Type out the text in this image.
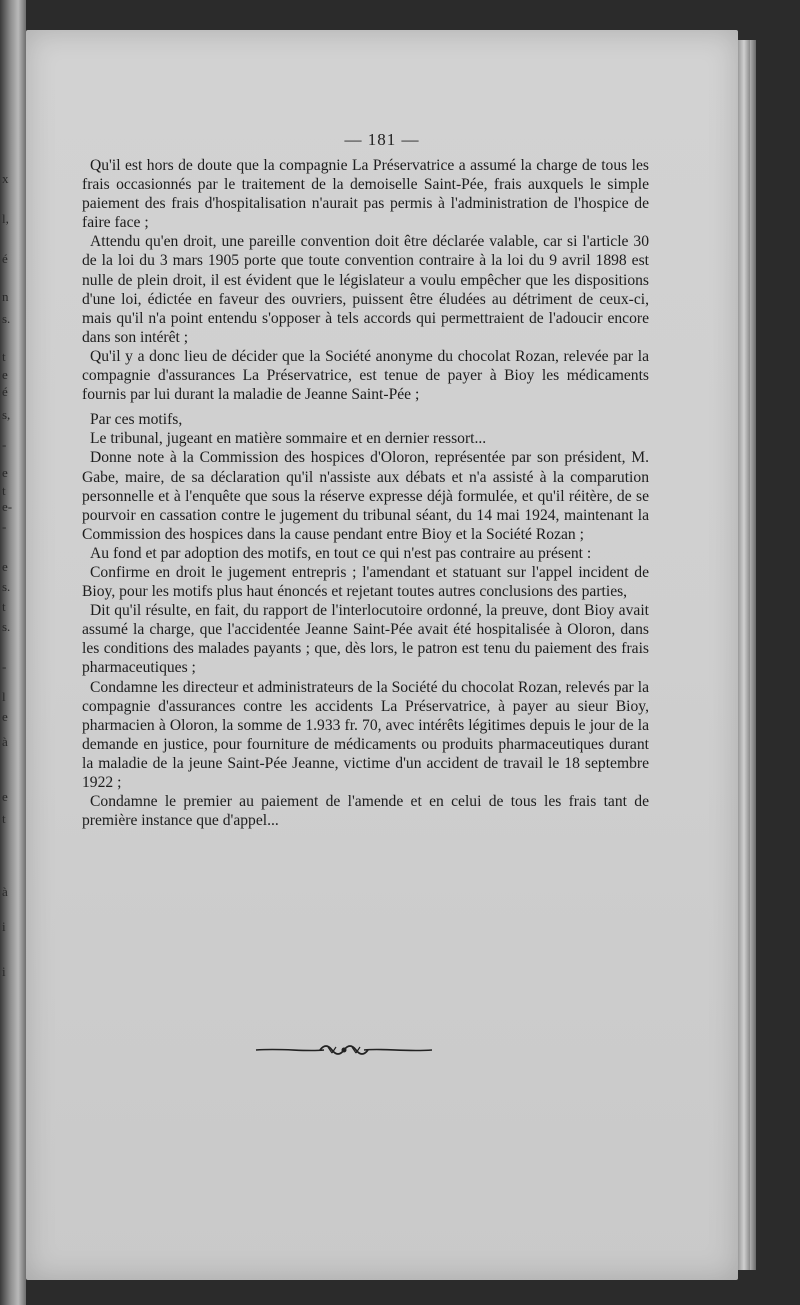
x
l,
é
n
s.
t
e
é
s,
-
e
t
e-
-
e
s.
t
s.
-
l
e
à
e
t
à
i
i
— 181 —

Qu'il est hors de doute que la compagnie La Préservatrice a assumé la charge de tous les frais occasionnés par le traitement de la demoiselle Saint-Pée, frais auxquels le simple paiement des frais d'hospitalisation n'aurait pas permis à l'administration de l'hospice de faire face ;

Attendu qu'en droit, une pareille convention doit être déclarée valable, car si l'article 30 de la loi du 3 mars 1905 porte que toute convention contraire à la loi du 9 avril 1898 est nulle de plein droit, il est évident que le législateur a voulu empêcher que les dispositions d'une loi, édictée en faveur des ouvriers, puissent être éludées au détriment de ceux-ci, mais qu'il n'a point entendu s'opposer à tels accords qui permettraient de l'adoucir encore dans son intérêt ;

Qu'il y a donc lieu de décider que la Société anonyme du chocolat Rozan, relevée par la compagnie d'assurances La Préservatrice, est tenue de payer à Bioy les médicaments fournis par lui durant la maladie de Jeanne Saint-Pée ;

Par ces motifs,

Le tribunal, jugeant en matière sommaire et en dernier ressort...

Donne note à la Commission des hospices d'Oloron, représentée par son président, M. Gabe, maire, de sa déclaration qu'il n'assiste aux débats et n'a assisté à la comparution personnelle et à l'enquête que sous la réserve expresse déjà formulée, et qu'il réitère, de se pourvoir en cassation contre le jugement du tribunal séant, du 14 mai 1924, maintenant la Commission des hospices dans la cause pendant entre Bioy et la Société Rozan ;

Au fond et par adoption des motifs, en tout ce qui n'est pas contraire au présent :

Confirme en droit le jugement entrepris ; l'amendant et statuant sur l'appel incident de Bioy, pour les motifs plus haut énoncés et rejetant toutes autres conclusions des parties,

Dit qu'il résulte, en fait, du rapport de l'interlocutoire ordonné, la preuve, dont Bioy avait assumé la charge, que l'accidentée Jeanne Saint-Pée avait été hospitalisée à Oloron, dans les conditions des malades payants ; que, dès lors, le patron est tenu du paiement des frais pharmaceutiques ;

Condamne les directeur et administrateurs de la Société du chocolat Rozan, relevés par la compagnie d'assurances contre les accidents La Préservatrice, à payer au sieur Bioy, pharmacien à Oloron, la somme de 1.933 fr. 70, avec intérêts légitimes depuis le jour de la demande en justice, pour fourniture de médicaments ou produits pharmaceutiques durant la maladie de la jeune Saint-Pée Jeanne, victime d'un accident de travail le 18 septembre 1922 ;

Condamne le premier au paiement de l'amende et en celui de tous les frais tant de première instance que d'appel...
